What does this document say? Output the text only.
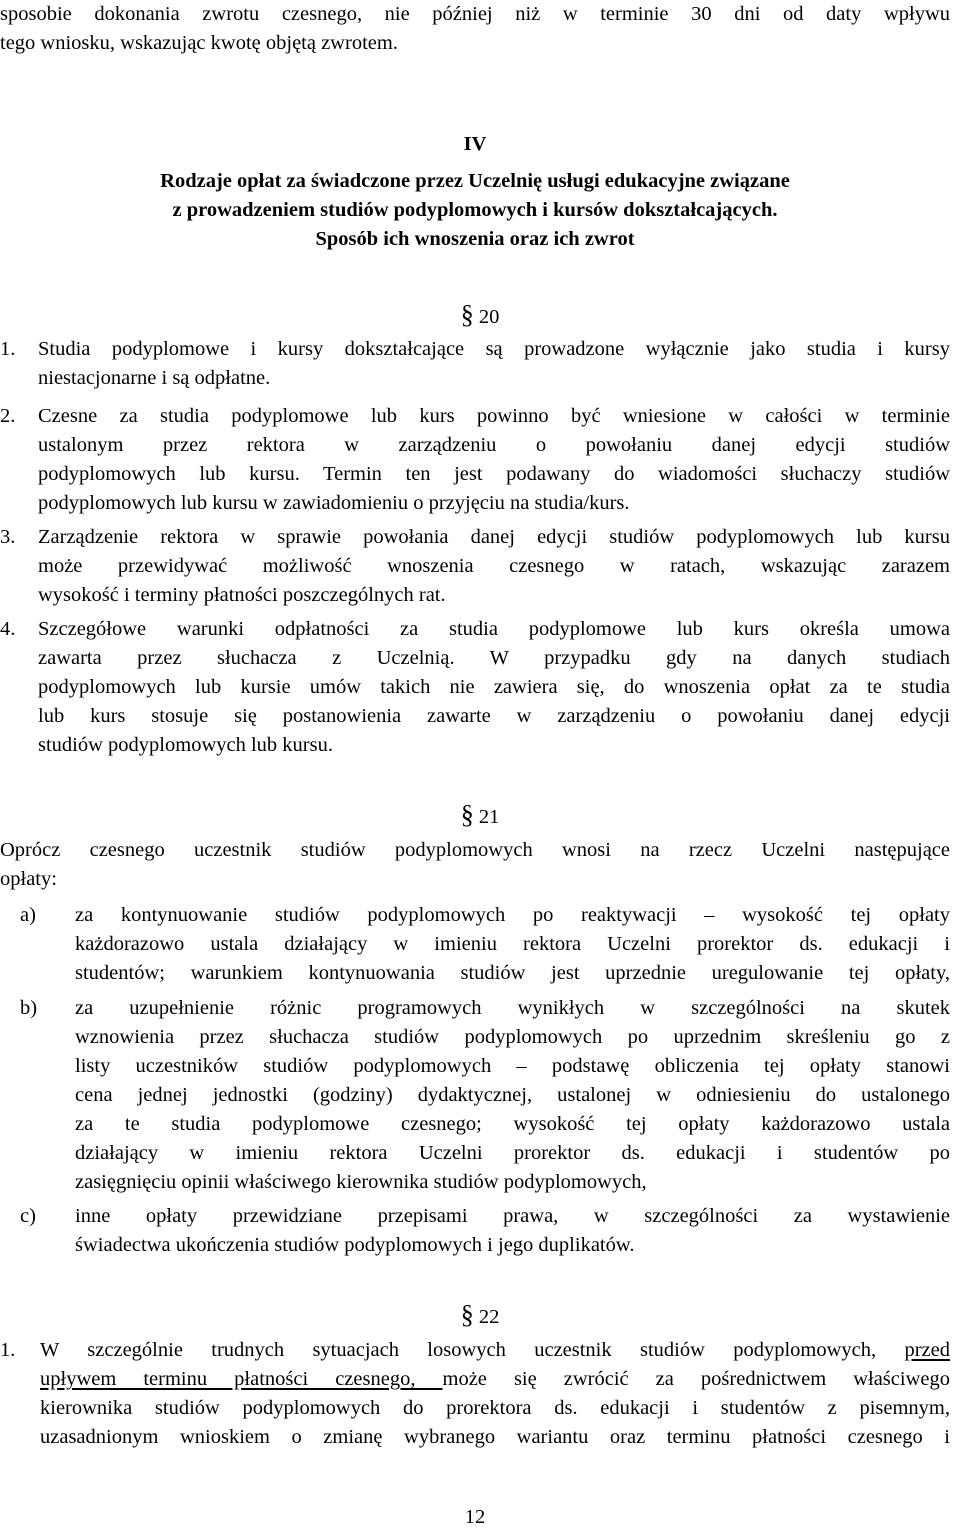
sposobie dokonania zwrotu czesnego, nie później niż w terminie 30 dni od daty wpływu
tego wniosku, wskazując kwotę objętą zwrotem.
IV
Rodzaje opłat za świadczone przez Uczelnię usługi edukacyjne związane
z prowadzeniem studiów podyplomowych i kursów dokształcających.
Sposób ich wnoszenia oraz ich zwrot
§ 20
1. Studia podyplomowe i kursy dokształcające są prowadzone wyłącznie jako studia i kursy
niestacjonarne i są odpłatne.
2. Czesne za studia podyplomowe lub kurs powinno być wniesione w całości w terminie
ustalonym przez rektora w zarządzeniu o powołaniu danej edycji studiów
podyplomowych lub kursu. Termin ten jest podawany do wiadomości słuchaczy studiów
podyplomowych lub kursu w zawiadomieniu o przyjęciu na studia/kurs.
3. Zarządzenie rektora w sprawie powołania danej edycji studiów podyplomowych lub kursu
może przewidywać możliwość wnoszenia czesnego w ratach, wskazując zarazem
wysokość i terminy płatności poszczególnych rat.
4. Szczegółowe warunki odpłatności za studia podyplomowe lub kurs określa umowa
zawarta przez słuchacza z Uczelnią. W przypadku gdy na danych studiach
podyplomowych lub kursie umów takich nie zawiera się, do wnoszenia opłat za te studia
lub kurs stosuje się postanowienia zawarte w zarządzeniu o powołaniu danej edycji
studiów podyplomowych lub kursu.
§ 21
Oprócz czesnego uczestnik studiów podyplomowych wnosi na rzecz Uczelni następujące
opłaty:
a) za kontynuowanie studiów podyplomowych po reaktywacji – wysokość tej opłaty
każdorazowo ustala działający w imieniu rektora Uczelni prorektor ds. edukacji i
studentów; warunkiem kontynuowania studiów jest uprzednie uregulowanie tej opłaty,
b) za uzupełnienie różnic programowych wynikłych w szczególności na skutek
wznowienia przez słuchacza studiów podyplomowych po uprzednim skreśleniu go z
listy uczestników studiów podyplomowych – podstawę obliczenia tej opłaty stanowi
cena jednej jednostki (godziny) dydaktycznej, ustalonej w odniesieniu do ustalonego
za te studia podyplomowe czesnego; wysokość tej opłaty każdorazowo ustala
działający w imieniu rektora Uczelni prorektor ds. edukacji i studentów po
zasięgnięciu opinii właściwego kierownika studiów podyplomowych,
c) inne opłaty przewidziane przepisami prawa, w szczególności za wystawienie
świadectwa ukończenia studiów podyplomowych i jego duplikatów.
§ 22
1. W szczególnie trudnych sytuacjach losowych uczestnik studiów podyplomowych, przed
upływem terminu płatności czesnego, może się zwrócić za pośrednictwem właściwego
kierownika studiów podyplomowych do prorektora ds. edukacji i studentów z pisemnym,
uzasadnionym wnioskiem o zmianę wybranego wariantu oraz terminu płatności czesnego i
12
